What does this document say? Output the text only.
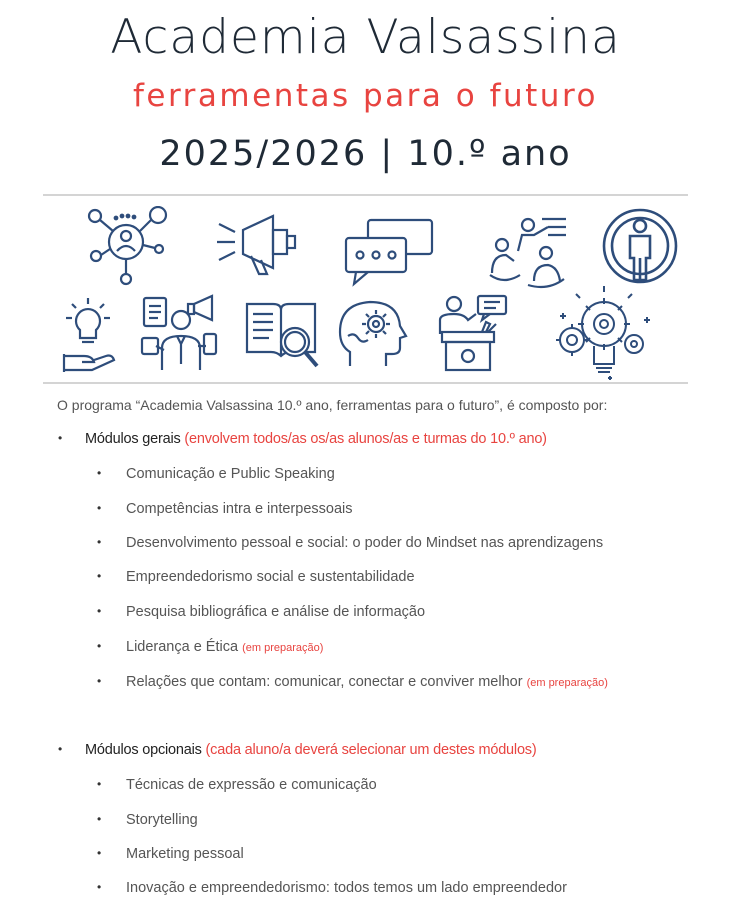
Academia Valsassina
ferramentas para o futuro
2025/2026 | 10.º ano
O programa “Academia Valsassina 10.º ano, ferramentas para o futuro”, é composto por:
• Módulos gerais (envolvem todos/as os/as alunos/as e turmas do 10.º ano)
• Comunicação e Public Speaking
• Competências intra e interpessoais
• Desenvolvimento pessoal e social: o poder do Mindset nas aprendizagens
• Empreendedorismo social e sustentabilidade
• Pesquisa bibliográfica e análise de informação
• Liderança e Ética (em preparação)
• Relações que contam: comunicar, conectar e conviver melhor (em preparação)
• Módulos opcionais (cada aluno/a deverá selecionar um destes módulos)
• Técnicas de expressão e comunicação
• Storytelling
• Marketing pessoal
• Inovação e empreendedorismo: todos temos um lado empreendedor
